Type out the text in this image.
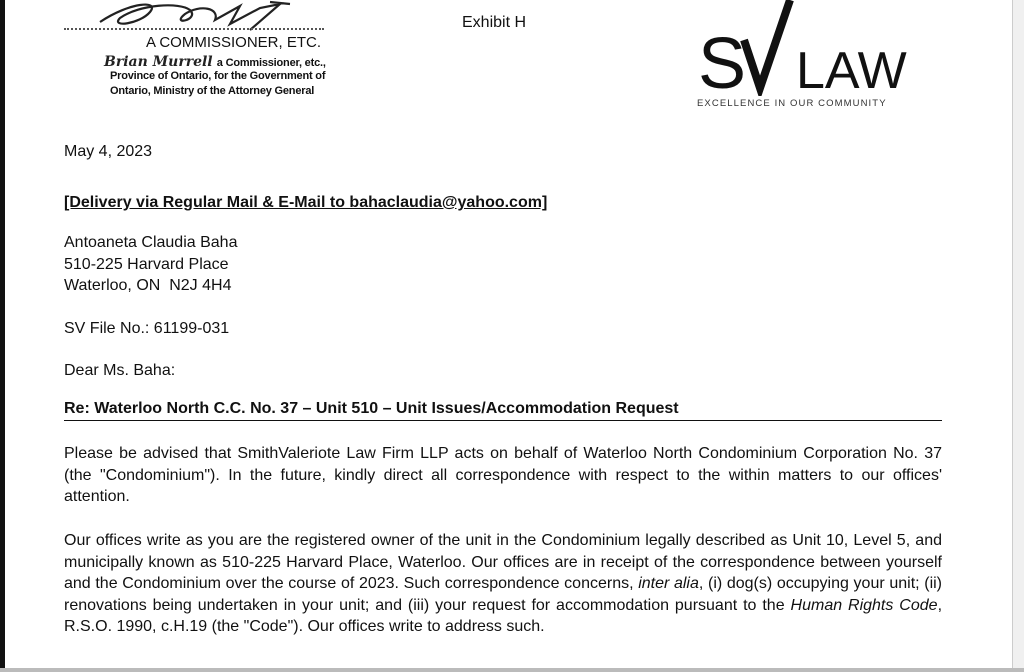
A COMMISSIONER, ETC.
Brian Murrell a Commissioner, etc.,
Province of Ontario, for the Government of
Ontario, Ministry of the Attorney General
Exhibit H
S LAW
EXCELLENCE IN OUR COMMUNITY
May 4, 2023
[Delivery via Regular Mail & E-Mail to bahaclaudia@yahoo.com]
Antoaneta Claudia Baha
510-225 Harvard Place
Waterloo, ON  N2J 4H4
SV File No.: 61199-031
Dear Ms. Baha:
Re: Waterloo North C.C. No. 37 – Unit 510 – Unit Issues/Accommodation Request
Please be advised that SmithValeriote Law Firm LLP acts on behalf of Waterloo North Condominium Corporation No. 37 (the "Condominium"). In the future, kindly direct all correspondence with respect to the within matters to our offices' attention.
Our offices write as you are the registered owner of the unit in the Condominium legally described as Unit 10, Level 5, and municipally known as 510-225 Harvard Place, Waterloo. Our offices are in receipt of the correspondence between yourself and the Condominium over the course of 2023. Such correspondence concerns, inter alia, (i) dog(s) occupying your unit; (ii) renovations being undertaken in your unit; and (iii) your request for accommodation pursuant to the Human Rights Code, R.S.O. 1990, c.H.19 (the "Code"). Our offices write to address such.
